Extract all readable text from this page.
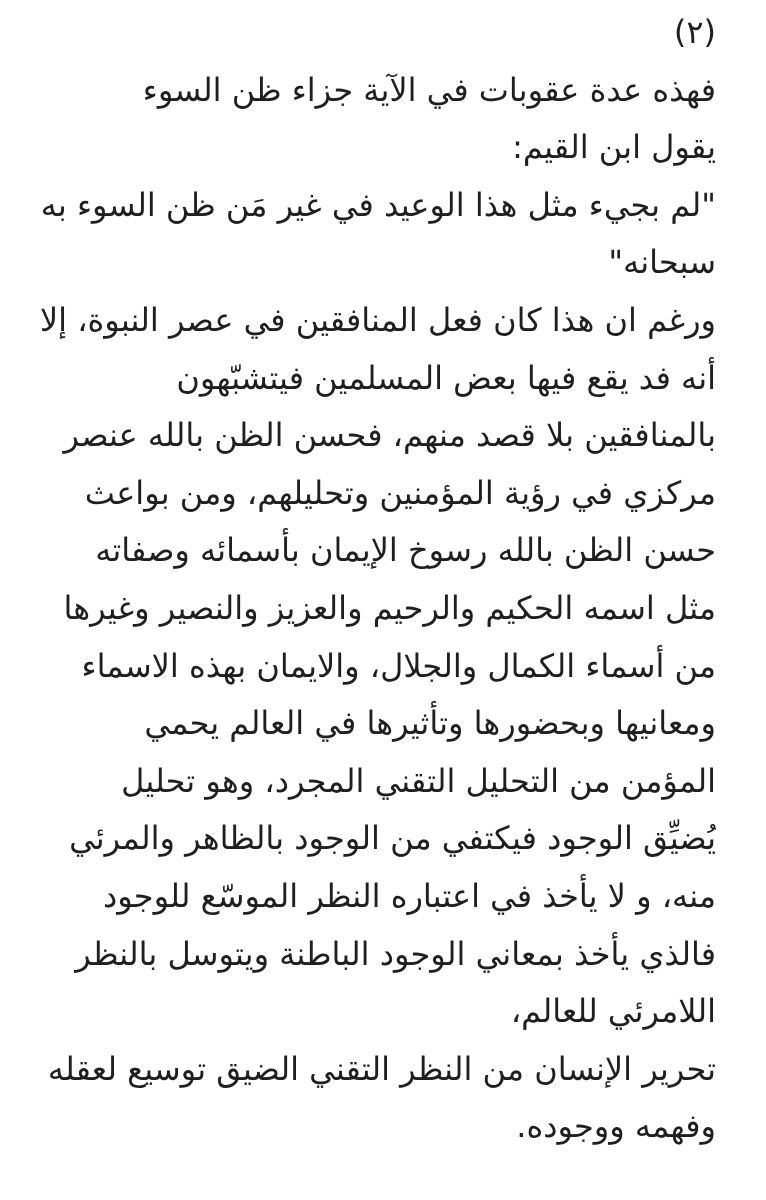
(٢)
فهذه عدة عقوبات في الآية جزاء ظن السوء
يقول ابن القيم:
"لم بجيء مثل هذا الوعيد في غير مَن ظن السوء به
سبحانه"
ورغم ان هذا كان فعل المنافقين في عصر النبوة، إلا
أنه فد يقع فيها بعض المسلمين فيتشبّهون
بالمنافقين بلا قصد منهم، فحسن الظن بالله عنصر
مركزي في رؤية المؤمنين وتحليلهم، ومن بواعث
حسن الظن بالله رسوخ الإيمان بأسمائه وصفاته
مثل اسمه الحكيم والرحيم والعزيز والنصير وغيرها
من أسماء الكمال والجلال، والايمان بهذه الاسماء
ومعانيها وبحضورها وتأثيرها في العالم يحمي
المؤمن من التحليل التقني المجرد، وهو تحليل
يُضيِّق الوجود فيكتفي من الوجود بالظاهر والمرئي
منه، و لا يأخذ في اعتباره النظر الموسّع للوجود
فالذي يأخذ بمعاني الوجود الباطنة ويتوسل بالنظر
اللامرئي للعالم،
تحرير الإنسان من النظر التقني الضيق توسيع لعقله
وفهمه ووجوده.
